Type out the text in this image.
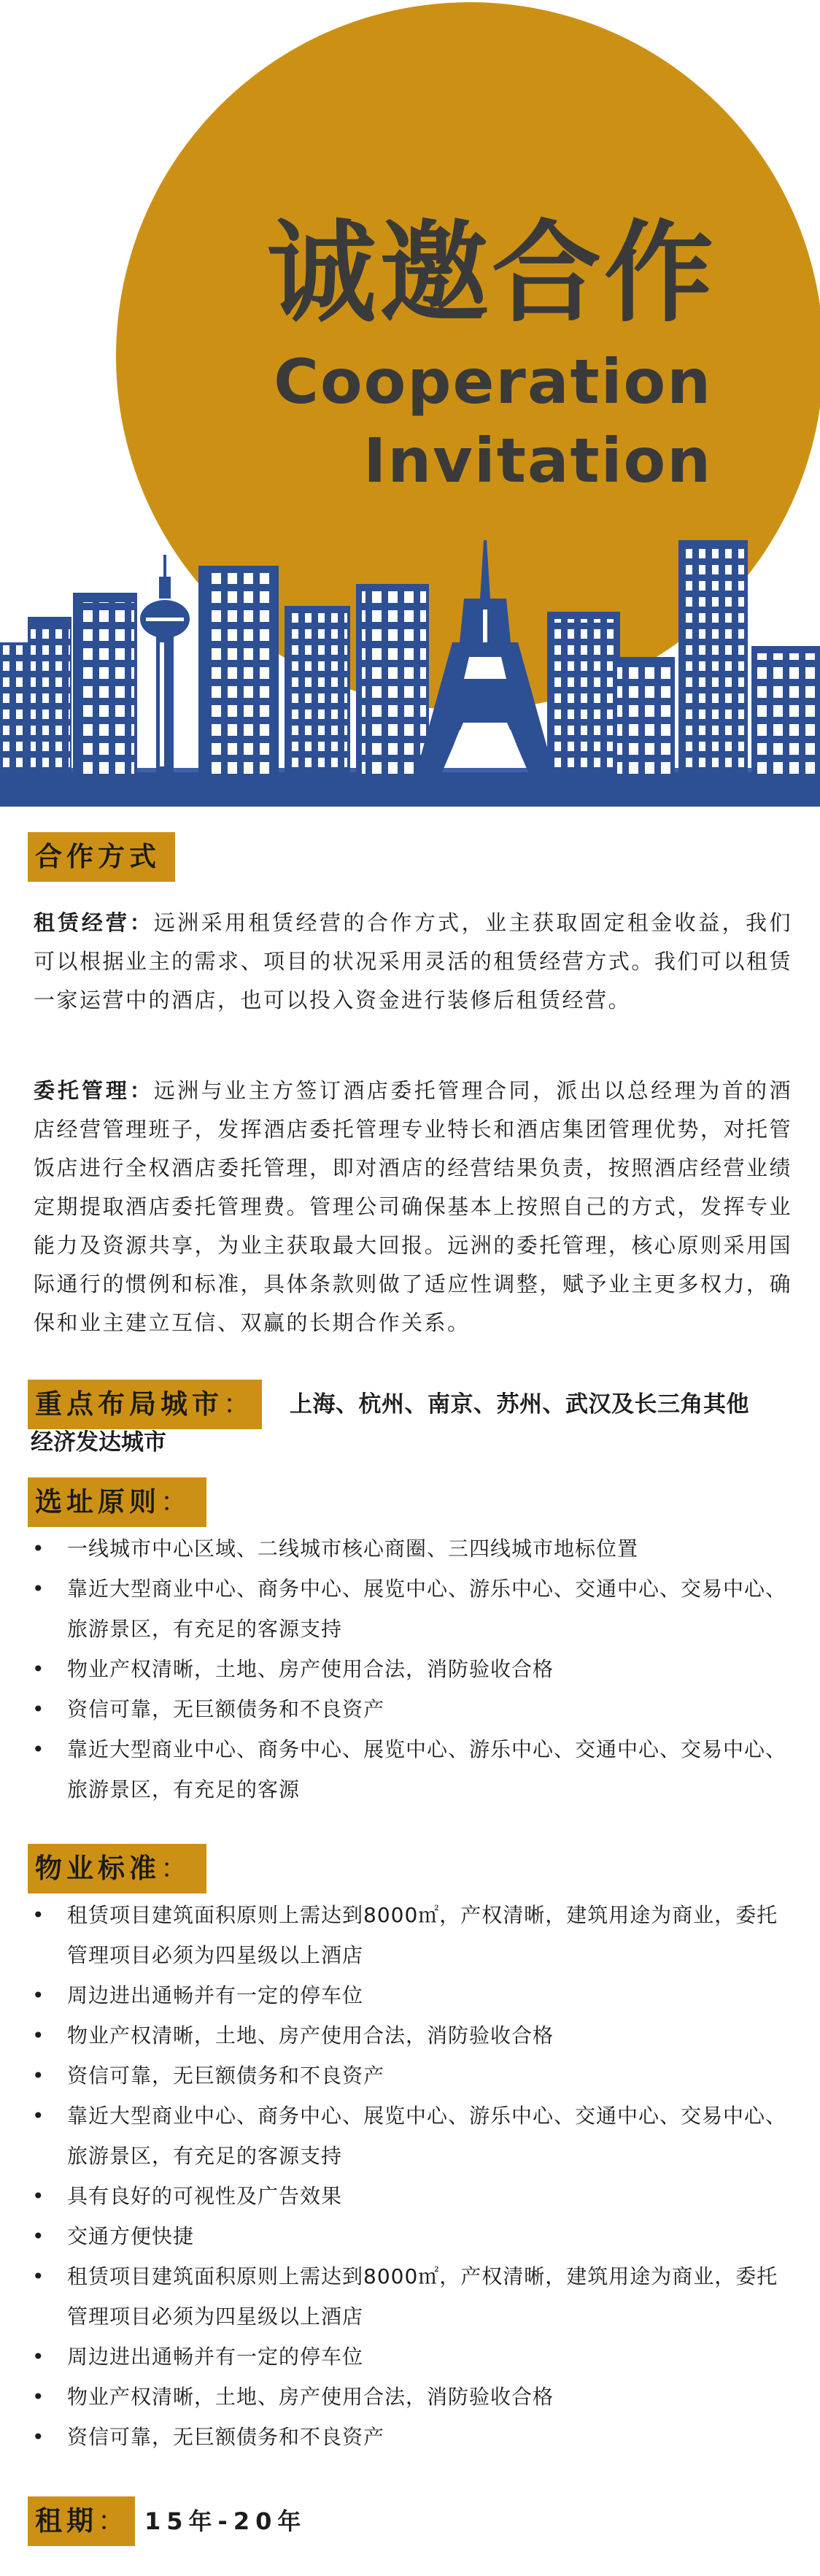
诚邀合作
Cooperation
Invitation
合作方式
租赁经营：远洲采用租赁经营的合作方式，业主获取固定租金收益，我们可以根据业主的需求、项目的状况采用灵活的租赁经营方式。我们可以租赁一家运营中的酒店，也可以投入资金进行装修后租赁经营。
委托管理：远洲与业主方签订酒店委托管理合同，派出以总经理为首的酒店经营管理班子，发挥酒店委托管理专业特长和酒店集团管理优势，对托管饭店进行全权酒店委托管理，即对酒店的经营结果负责，按照酒店经营业绩定期提取酒店委托管理费。管理公司确保基本上按照自己的方式，发挥专业能力及资源共享，为业主获取最大回报。远洲的委托管理，核心原则采用国际通行的惯例和标准，具体条款则做了适应性调整，赋予业主更多权力，确保和业主建立互信、双赢的长期合作关系。
重点布局城市：	上海、杭州、南京、苏州、武汉及长三角其他
经济发达城市
选址原则：
• 一线城市中心区域、二线城市核心商圈、三四线城市地标位置
• 靠近大型商业中心、商务中心、展览中心、游乐中心、交通中心、交易中心、旅游景区，有充足的客源支持
• 物业产权清晰，土地、房产使用合法，消防验收合格
• 资信可靠，无巨额债务和不良资产
• 靠近大型商业中心、商务中心、展览中心、游乐中心、交通中心、交易中心、旅游景区，有充足的客源
物业标准：
• 租赁项目建筑面积原则上需达到8000㎡，产权清晰，建筑用途为商业，委托管理项目必须为四星级以上酒店
• 周边进出通畅并有一定的停车位
• 物业产权清晰，土地、房产使用合法，消防验收合格
• 资信可靠，无巨额债务和不良资产
• 靠近大型商业中心、商务中心、展览中心、游乐中心、交通中心、交易中心、旅游景区，有充足的客源支持
• 具有良好的可视性及广告效果
• 交通方便快捷
• 租赁项目建筑面积原则上需达到8000㎡，产权清晰，建筑用途为商业，委托管理项目必须为四星级以上酒店
• 周边进出通畅并有一定的停车位
• 物业产权清晰，土地、房产使用合法，消防验收合格
• 资信可靠，无巨额债务和不良资产
租期： 15年-20年
